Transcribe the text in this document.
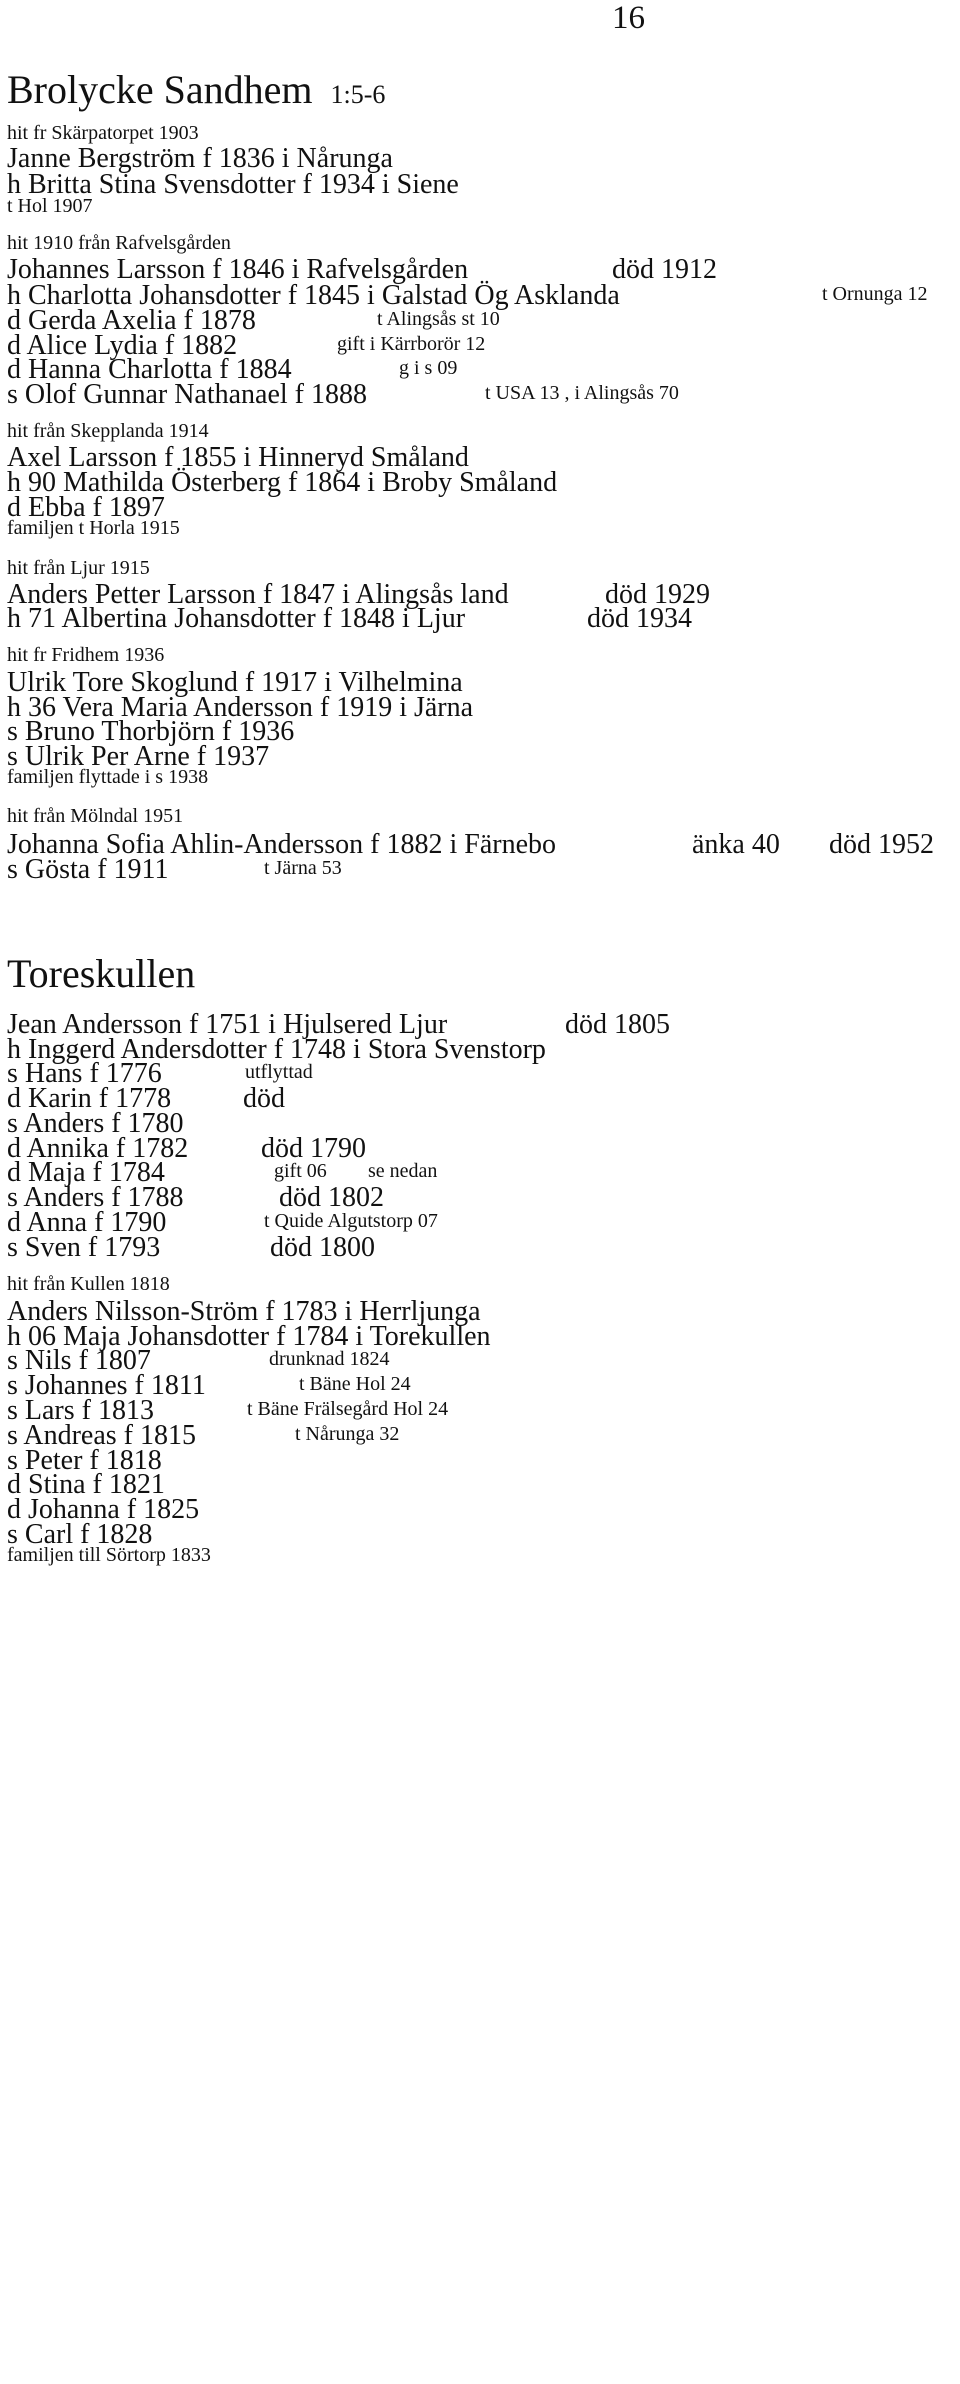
16
Brolycke Sandhem 1:5-6
hit fr Skärpatorpet 1903
Janne Bergström f 1836 i Nårunga
h Britta Stina Svensdotter f 1934 i Siene
t Hol 1907
hit 1910 från Rafvelsgården
Johannes Larsson f 1846 i Rafvelsgården	död 1912
h Charlotta Johansdotter f 1845 i Galstad Ög Asklanda	t Ornunga 12
d Gerda Axelia f 1878	t Alingsås st 10
d Alice Lydia f 1882	gift i Kärrborör 12
d Hanna Charlotta f 1884	g i s 09
s Olof Gunnar Nathanael f 1888	t USA 13 , i Alingsås 70
hit från Skepplanda 1914
Axel Larsson f 1855 i Hinneryd Småland
h 90 Mathilda Österberg f 1864 i Broby Småland
d Ebba f 1897
familjen t Horla 1915
hit från Ljur 1915
Anders Petter Larsson f 1847 i Alingsås land	död 1929
h 71 Albertina Johansdotter f 1848 i Ljur	död 1934
hit fr Fridhem 1936
Ulrik Tore Skoglund f 1917 i Vilhelmina
h 36 Vera Maria Andersson f 1919 i Järna
s Bruno Thorbjörn f 1936
s Ulrik Per Arne f 1937
familjen flyttade i s 1938
hit från Mölndal 1951
Johanna Sofia Ahlin-Andersson f 1882 i Färnebo	änka 40 död 1952
s Gösta f 1911	t Järna 53
Toreskullen
Jean Andersson f 1751 i Hjulsered Ljur	död 1805
h Inggerd Andersdotter f 1748 i Stora Svenstorp
s Hans f 1776	utflyttad
d Karin f 1778	död
s Anders f 1780
d Annika f 1782	död 1790
d Maja f 1784	gift 06 se nedan
s Anders f 1788	död 1802
d Anna f 1790	t Quide Algutstorp 07
s Sven f 1793	död 1800
hit från Kullen 1818
Anders Nilsson-Ström f 1783 i Herrljunga
h 06 Maja Johansdotter f 1784 i Torekullen
s Nils f 1807	drunknad 1824
s Johannes f 1811	t Bäne Hol 24
s Lars f 1813	t Bäne Frälsegård Hol 24
s Andreas f 1815	t Nårunga 32
s Peter f 1818
d Stina f 1821
d Johanna f 1825
s Carl f 1828
familjen till Sörtorp 1833
